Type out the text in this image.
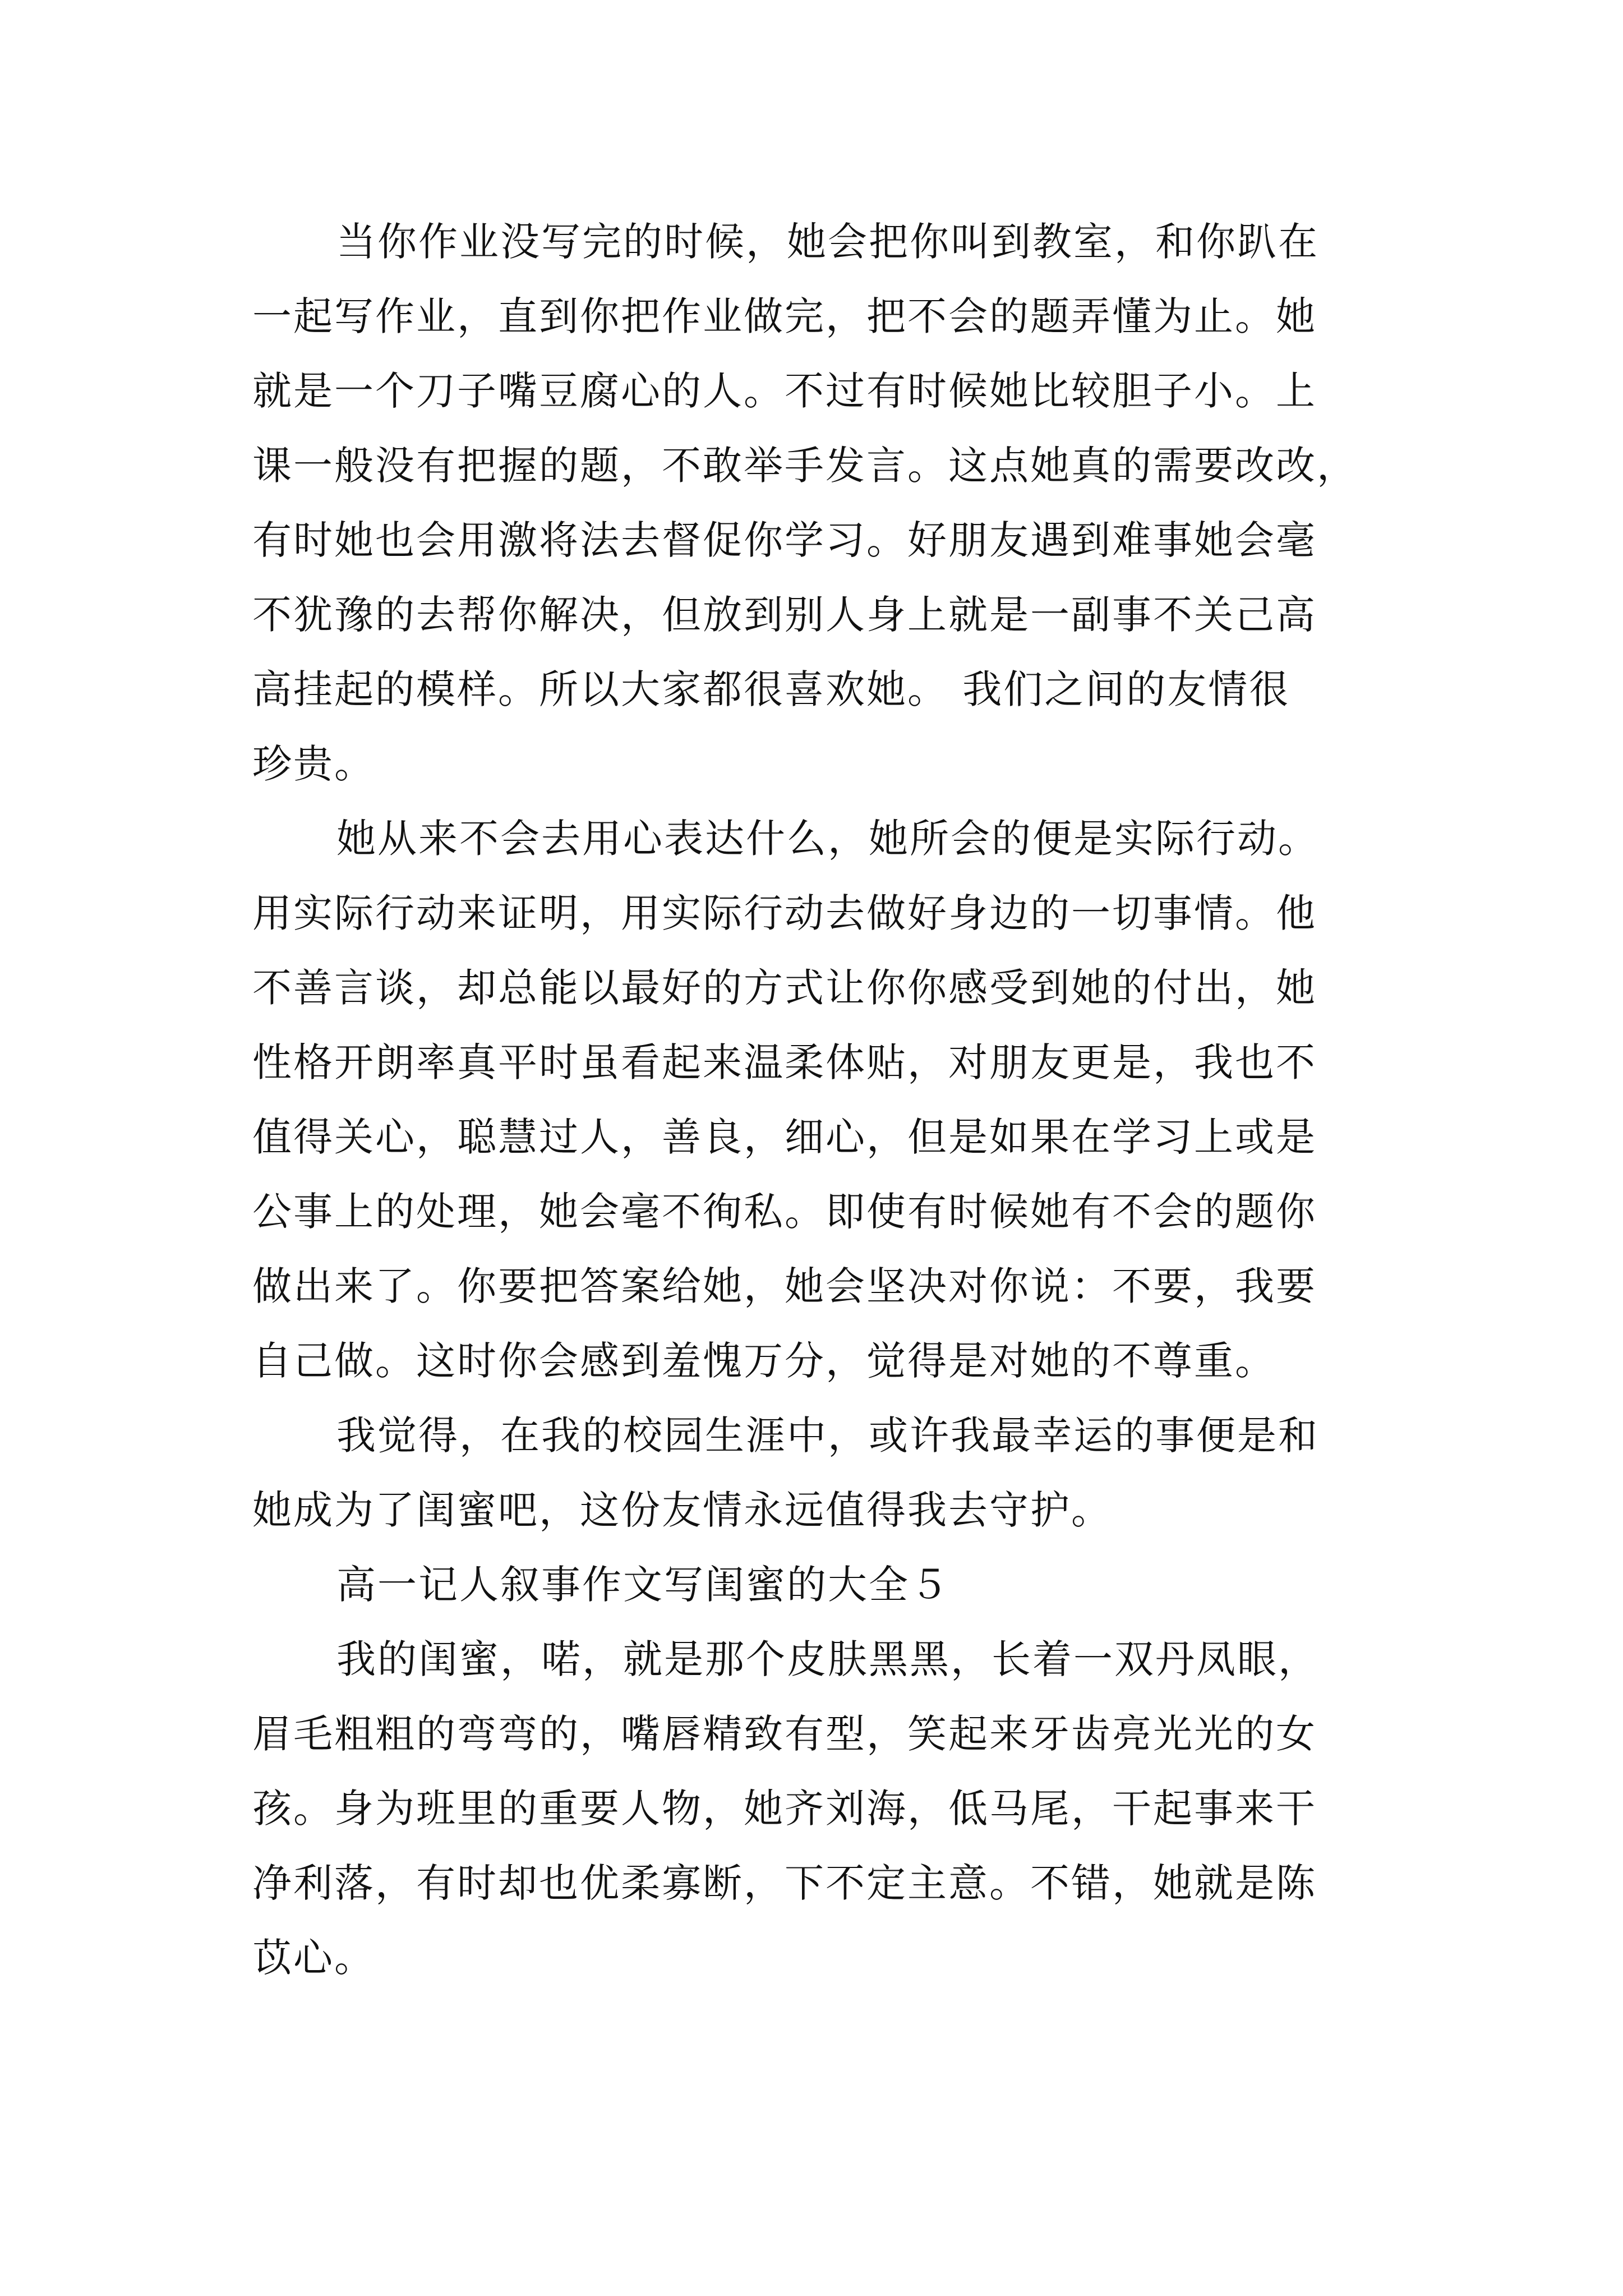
当你作业没写完的时候，她会把你叫到教室，和你趴在
一起写作业，直到你把作业做完，把不会的题弄懂为止。她
就是一个刀子嘴豆腐心的人。不过有时候她比较胆子小。上
课一般没有把握的题，不敢举手发言。这点她真的需要改改，
有时她也会用激将法去督促你学习。好朋友遇到难事她会毫
不犹豫的去帮你解决，但放到别人身上就是一副事不关己高
高挂起的模样。所以大家都很喜欢她。 我们之间的友情很
珍贵。
她从来不会去用心表达什么，她所会的便是实际行动。
用实际行动来证明，用实际行动去做好身边的一切事情。他
不善言谈，却总能以最好的方式让你你感受到她的付出，她
性格开朗率真平时虽看起来温柔体贴，对朋友更是，我也不
值得关心，聪慧过人，善良，细心，但是如果在学习上或是
公事上的处理，她会毫不徇私。即使有时候她有不会的题你
做出来了。你要把答案给她，她会坚决对你说：不要，我要
自己做。这时你会感到羞愧万分，觉得是对她的不尊重。
我觉得，在我的校园生涯中，或许我最幸运的事便是和
她成为了闺蜜吧，这份友情永远值得我去守护。
高一记人叙事作文写闺蜜的大全５
我的闺蜜，喏，就是那个皮肤黑黑，长着一双丹凤眼，
眉毛粗粗的弯弯的，嘴唇精致有型，笑起来牙齿亮光光的女
孩。身为班里的重要人物，她齐刘海，低马尾，干起事来干
净利落，有时却也优柔寡断，下不定主意。不错，她就是陈
苡心。
